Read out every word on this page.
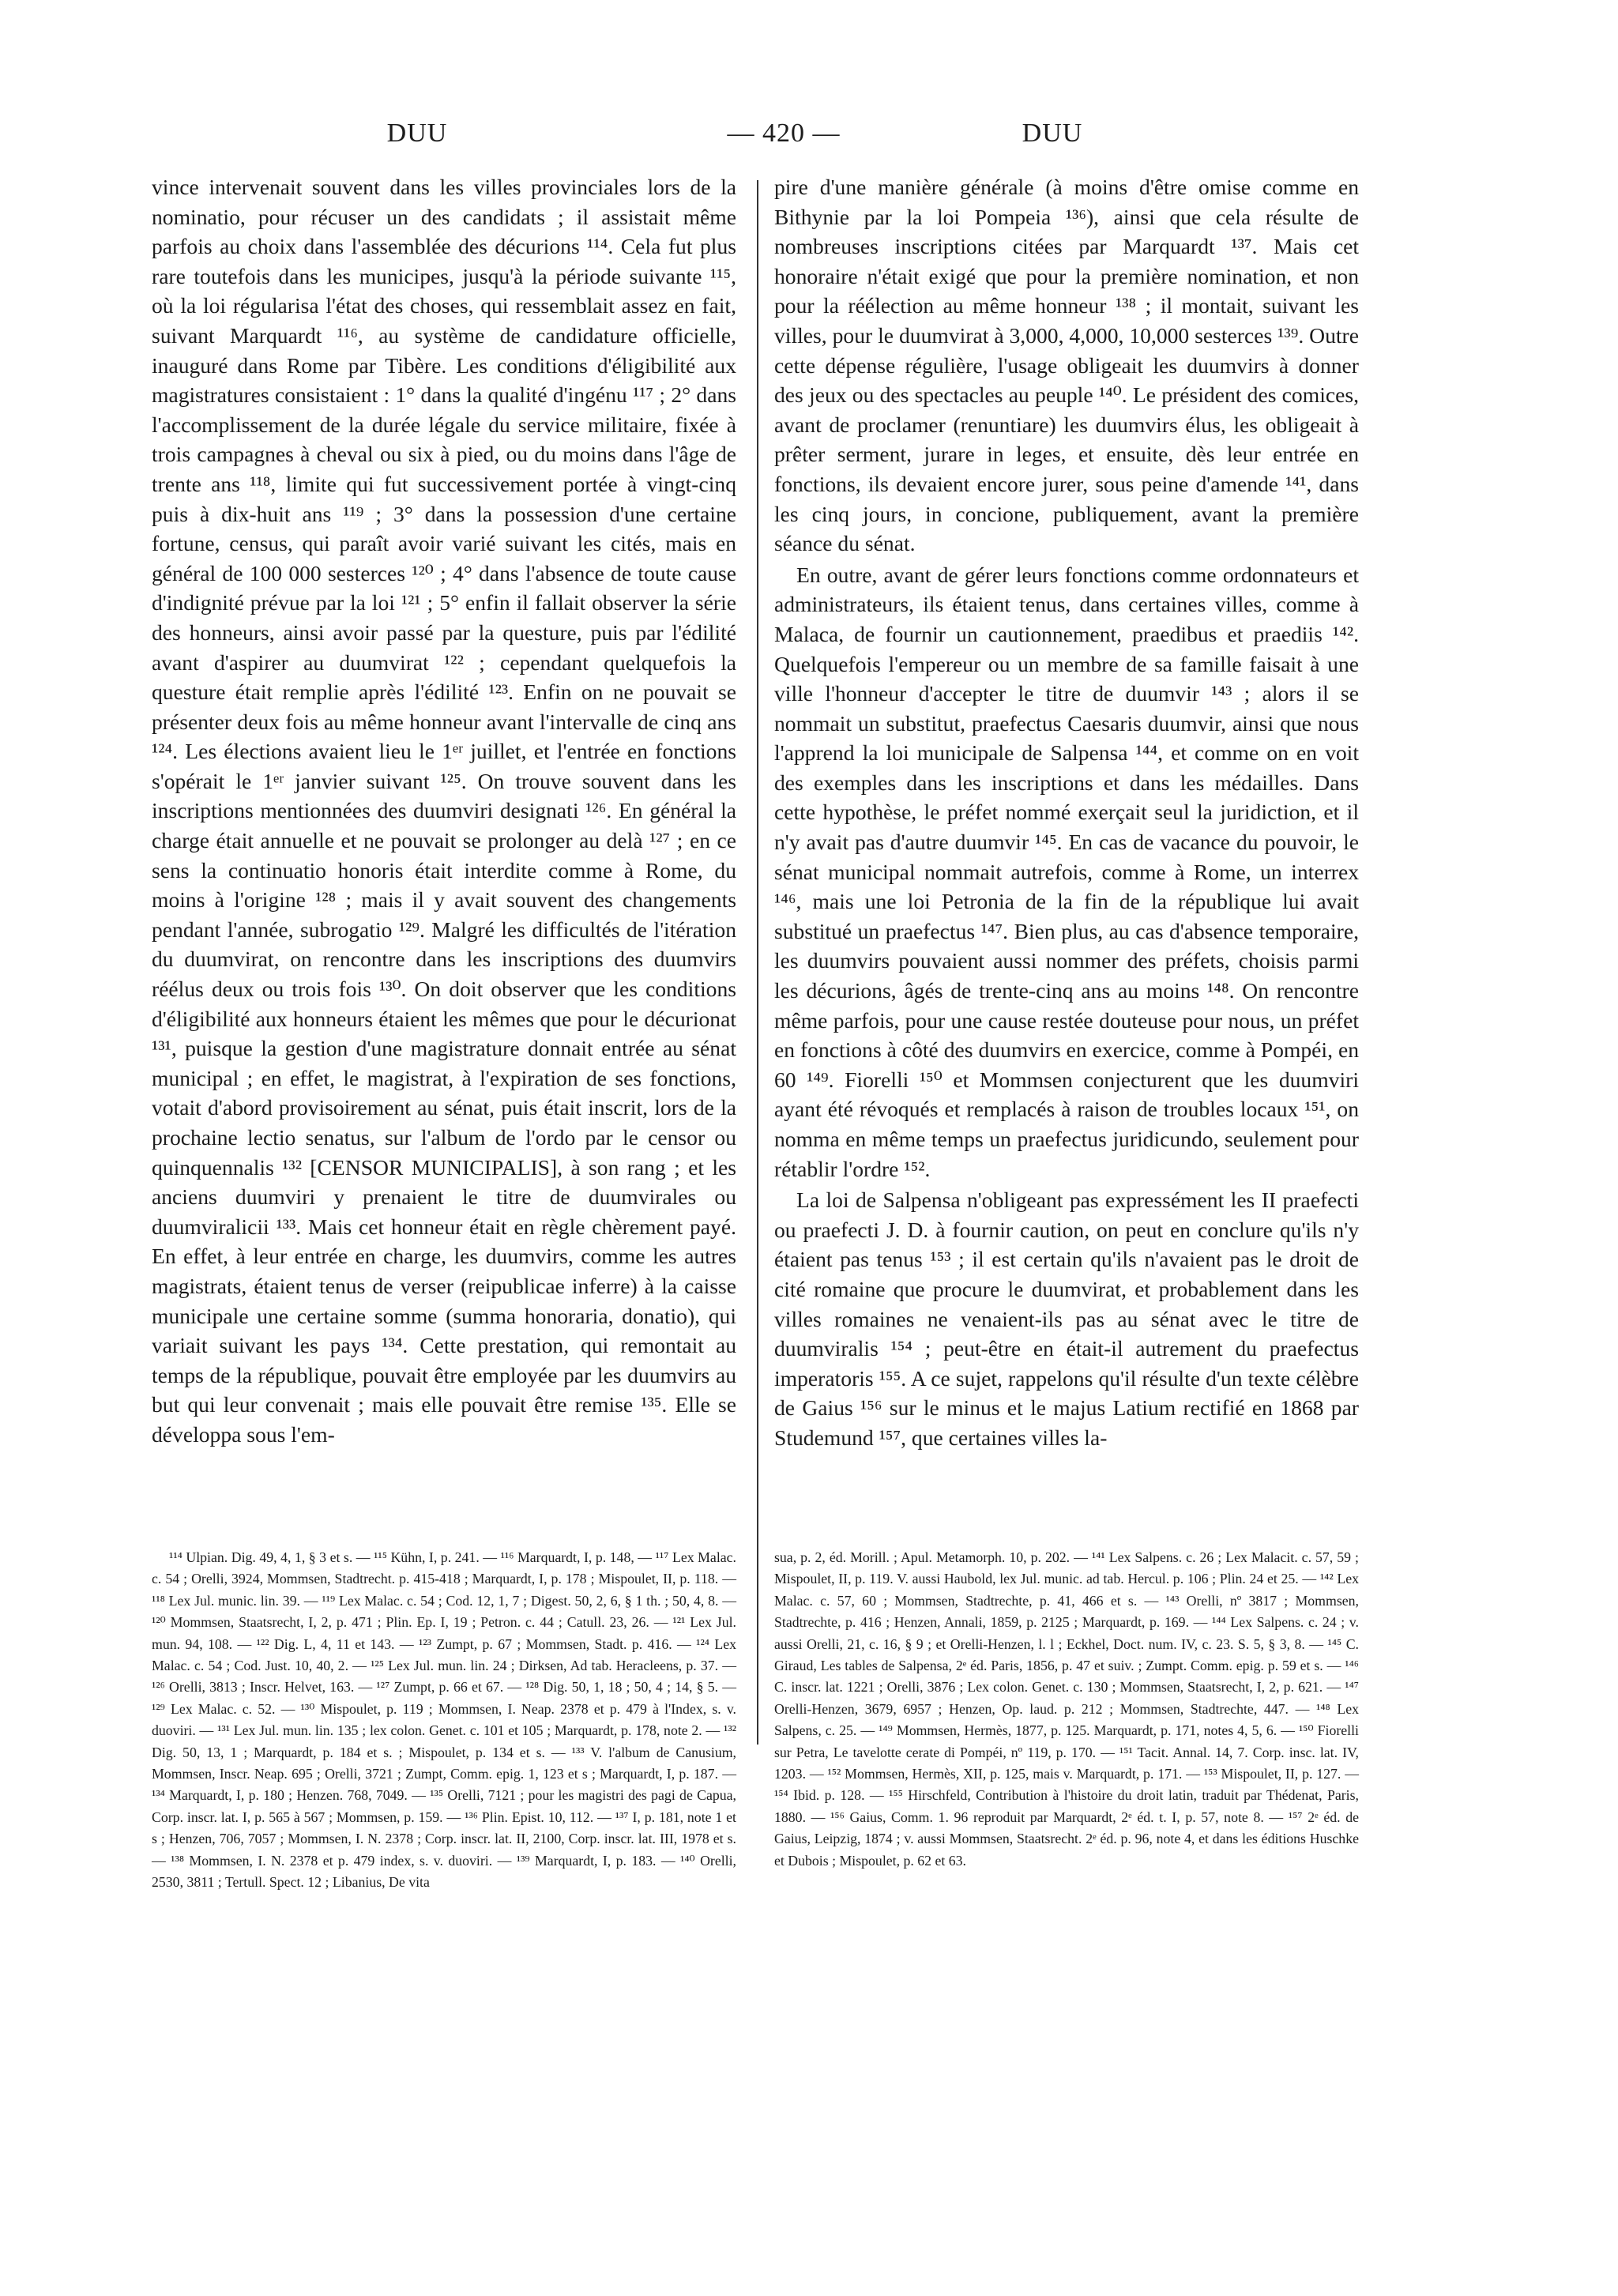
DUU	— 420 —	DUU

vince intervenait souvent dans les villes provinciales lors de la nominatio, pour récuser un des candidats ; il assistait même parfois au choix dans l'assemblée des décurions ¹¹⁴. Cela fut plus rare toutefois dans les municipes, jusqu'à la période suivante ¹¹⁵, où la loi régularisa l'état des choses, qui ressemblait assez en fait, suivant Marquardt ¹¹⁶, au système de candidature officielle, inauguré dans Rome par Tibère. Les conditions d'éligibilité aux magistratures consistaient : 1° dans la qualité d'ingénu ¹¹⁷ ; 2° dans l'accomplissement de la durée légale du service militaire, fixée à trois campagnes à cheval ou six à pied, ou du moins dans l'âge de trente ans ¹¹⁸, limite qui fut successivement portée à vingt-cinq puis à dix-huit ans ¹¹⁹ ; 3° dans la possession d'une certaine fortune, census, qui paraît avoir varié suivant les cités, mais en général de 100 000 sesterces ¹²⁰ ; 4° dans l'absence de toute cause d'indignité prévue par la loi ¹²¹ ; 5° enfin il fallait observer la série des honneurs, ainsi avoir passé par la questure, puis par l'édilité avant d'aspirer au duumvirat ¹²² ; cependant quelquefois la questure était remplie après l'édilité ¹²³. Enfin on ne pouvait se présenter deux fois au même honneur avant l'intervalle de cinq ans ¹²⁴. Les élections avaient lieu le 1ᵉʳ juillet, et l'entrée en fonctions s'opérait le 1ᵉʳ janvier suivant ¹²⁵. On trouve souvent dans les inscriptions mentionnées des duumviri designati ¹²⁶. En général la charge était annuelle et ne pouvait se prolonger au delà ¹²⁷ ; en ce sens la continuatio honoris était interdite comme à Rome, du moins à l'origine ¹²⁸ ; mais il y avait souvent des changements pendant l'année, subrogatio ¹²⁹. Malgré les difficultés de l'itération du duumvirat, on rencontre dans les inscriptions des duumvirs réélus deux ou trois fois ¹³⁰. On doit observer que les conditions d'éligibilité aux honneurs étaient les mêmes que pour le décurionat ¹³¹, puisque la gestion d'une magistrature donnait entrée au sénat municipal ; en effet, le magistrat, à l'expiration de ses fonctions, votait d'abord provisoirement au sénat, puis était inscrit, lors de la prochaine lectio senatus, sur l'album de l'ordo par le censor ou quinquennalis ¹³² [CENSOR MUNICIPALIS], à son rang ; et les anciens duumviri y prenaient le titre de duumvirales ou duumviralicii ¹³³. Mais cet honneur était en règle chèrement payé. En effet, à leur entrée en charge, les duumvirs, comme les autres magistrats, étaient tenus de verser (reipublicae inferre) à la caisse municipale une certaine somme (summa honoraria, donatio), qui variait suivant les pays ¹³⁴. Cette prestation, qui remontait au temps de la république, pouvait être employée par les duumvirs au but qui leur convenait ; mais elle pouvait être remise ¹³⁵. Elle se développa sous l'em-

pire d'une manière générale (à moins d'être omise comme en Bithynie par la loi Pompeia ¹³⁶), ainsi que cela résulte de nombreuses inscriptions citées par Marquardt ¹³⁷. Mais cet honoraire n'était exigé que pour la première nomination, et non pour la réélection au même honneur ¹³⁸ ; il montait, suivant les villes, pour le duumvirat à 3,000, 4,000, 10,000 sesterces ¹³⁹. Outre cette dépense régulière, l'usage obligeait les duumvirs à donner des jeux ou des spectacles au peuple ¹⁴⁰. Le président des comices, avant de proclamer (renuntiare) les duumvirs élus, les obligeait à prêter serment, jurare in leges, et ensuite, dès leur entrée en fonctions, ils devaient encore jurer, sous peine d'amende ¹⁴¹, dans les cinq jours, in concione, publiquement, avant la première séance du sénat.

En outre, avant de gérer leurs fonctions comme ordonnateurs et administrateurs, ils étaient tenus, dans certaines villes, comme à Malaca, de fournir un cautionnement, praedibus et praediis ¹⁴². Quelquefois l'empereur ou un membre de sa famille faisait à une ville l'honneur d'accepter le titre de duumvir ¹⁴³ ; alors il se nommait un substitut, praefectus Caesaris duumvir, ainsi que nous l'apprend la loi municipale de Salpensa ¹⁴⁴, et comme on en voit des exemples dans les inscriptions et dans les médailles. Dans cette hypothèse, le préfet nommé exerçait seul la juridiction, et il n'y avait pas d'autre duumvir ¹⁴⁵. En cas de vacance du pouvoir, le sénat municipal nommait autrefois, comme à Rome, un interrex ¹⁴⁶, mais une loi Petronia de la fin de la république lui avait substitué un praefectus ¹⁴⁷. Bien plus, au cas d'absence temporaire, les duumvirs pouvaient aussi nommer des préfets, choisis parmi les décurions, âgés de trente-cinq ans au moins ¹⁴⁸. On rencontre même parfois, pour une cause restée douteuse pour nous, un préfet en fonctions à côté des duumvirs en exercice, comme à Pompéi, en 60 ¹⁴⁹. Fiorelli ¹⁵⁰ et Mommsen conjecturent que les duumviri ayant été révoqués et remplacés à raison de troubles locaux ¹⁵¹, on nomma en même temps un praefectus juridicundo, seulement pour rétablir l'ordre ¹⁵².

La loi de Salpensa n'obligeant pas expressément les II praefecti ou praefecti J. D. à fournir caution, on peut en conclure qu'ils n'y étaient pas tenus ¹⁵³ ; il est certain qu'ils n'avaient pas le droit de cité romaine que procure le duumvirat, et probablement dans les villes romaines ne venaient-ils pas au sénat avec le titre de duumviralis ¹⁵⁴ ; peut-être en était-il autrement du praefectus imperatoris ¹⁵⁵. A ce sujet, rappelons qu'il résulte d'un texte célèbre de Gaius ¹⁵⁶ sur le minus et le majus Latium rectifié en 1868 par Studemund ¹⁵⁷, que certaines villes la-

¹¹⁴ Ulpian. Dig. 49, 4, 1, § 3 et s. — ¹¹⁵ Kühn, I, p. 241. — ¹¹⁶ Marquardt, I, p. 148, — ¹¹⁷ Lex Malac. c. 54 ; Orelli, 3924, Mommsen, Stadtrecht. p. 415-418 ; Marquardt, I, p. 178 ; Mispoulet, II, p. 118. — ¹¹⁸ Lex Jul. munic. lin. 39. — ¹¹⁹ Lex Malac. c. 54 ; Cod. 12, 1, 7 ; Digest. 50, 2, 6, § 1 th. ; 50, 4, 8. — ¹²⁰ Mommsen, Staatsrecht, I, 2, p. 471 ; Plin. Ep. I, 19 ; Petron. c. 44 ; Catull. 23, 26. — ¹²¹ Lex Jul. mun. 94, 108. — ¹²² Dig. L, 4, 11 et 143. — ¹²³ Zumpt, p. 67 ; Mommsen, Stadt. p. 416. — ¹²⁴ Lex Malac. c. 54 ; Cod. Just. 10, 40, 2. — ¹²⁵ Lex Jul. mun. lin. 24 ; Dirksen, Ad tab. Heracleens, p. 37. — ¹²⁶ Orelli, 3813 ; Inscr. Helvet, 163. — ¹²⁷ Zumpt, p. 66 et 67. — ¹²⁸ Dig. 50, 1, 18 ; 50, 4 ; 14, § 5. — ¹²⁹ Lex Malac. c. 52. — ¹³⁰ Mispoulet, p. 119 ; Mommsen, I. Neap. 2378 et p. 479 à l'Index, s. v. duoviri. — ¹³¹ Lex Jul. mun. lin. 135 ; lex colon. Genet. c. 101 et 105 ; Marquardt, p. 178, note 2. — ¹³² Dig. 50, 13, 1 ; Marquardt, p. 184 et s. ; Mispoulet, p. 134 et s. — ¹³³ V. l'album de Canusium, Mommsen, Inscr. Neap. 695 ; Orelli, 3721 ; Zumpt, Comm. epig. 1, 123 et s ; Marquardt, I, p. 187. — ¹³⁴ Marquardt, I, p. 180 ; Henzen. 768, 7049. — ¹³⁵ Orelli, 7121 ; pour les magistri des pagi de Capua, Corp. inscr. lat. I, p. 565 à 567 ; Mommsen, p. 159. — ¹³⁶ Plin. Epist. 10, 112. — ¹³⁷ I, p. 181, note 1 et s ; Henzen, 706, 7057 ; Mommsen, I. N. 2378 ; Corp. inscr. lat. II, 2100, Corp. inscr. lat. III, 1978 et s. — ¹³⁸ Mommsen, I. N. 2378 et p. 479 index, s. v. duoviri. — ¹³⁹ Marquardt, I, p. 183. — ¹⁴⁰ Orelli, 2530, 3811 ; Tertull. Spect. 12 ; Libanius, De vita

sua, p. 2, éd. Morill. ; Apul. Metamorph. 10, p. 202. — ¹⁴¹ Lex Salpens. c. 26 ; Lex Malacit. c. 57, 59 ; Mispoulet, II, p. 119. V. aussi Haubold, lex Jul. munic. ad tab. Hercul. p. 106 ; Plin. 24 et 25. — ¹⁴² Lex Malac. c. 57, 60 ; Mommsen, Stadtrechte, p. 41, 466 et s. — ¹⁴³ Orelli, nº 3817 ; Mommsen, Stadtrechte, p. 416 ; Henzen, Annali, 1859, p. 2125 ; Marquardt, p. 169. — ¹⁴⁴ Lex Salpens. c. 24 ; v. aussi Orelli, 21, c. 16, § 9 ; et Orelli-Henzen, l. l ; Eckhel, Doct. num. IV, c. 23. S. 5, § 3, 8. — ¹⁴⁵ C. Giraud, Les tables de Salpensa, 2ᵉ éd. Paris, 1856, p. 47 et suiv. ; Zumpt. Comm. epig. p. 59 et s. — ¹⁴⁶ C. inscr. lat. 1221 ; Orelli, 3876 ; Lex colon. Genet. c. 130 ; Mommsen, Staatsrecht, I, 2, p. 621. — ¹⁴⁷ Orelli-Henzen, 3679, 6957 ; Henzen, Op. laud. p. 212 ; Mommsen, Stadtrechte, 447. — ¹⁴⁸ Lex Salpens, c. 25. — ¹⁴⁹ Mommsen, Hermès, 1877, p. 125. Marquardt, p. 171, notes 4, 5, 6. — ¹⁵⁰ Fiorelli sur Petra, Le tavelotte cerate di Pompéi, nº 119, p. 170. — ¹⁵¹ Tacit. Annal. 14, 7. Corp. insc. lat. IV, 1203. — ¹⁵² Mommsen, Hermès, XII, p. 125, mais v. Marquardt, p. 171. — ¹⁵³ Mispoulet, II, p. 127. — ¹⁵⁴ Ibid. p. 128. — ¹⁵⁵ Hirschfeld, Contribution à l'histoire du droit latin, traduit par Thédenat, Paris, 1880. — ¹⁵⁶ Gaius, Comm. 1. 96 reproduit par Marquardt, 2ᵉ éd. t. I, p. 57, note 8. — ¹⁵⁷ 2ᵉ éd. de Gaius, Leipzig, 1874 ; v. aussi Mommsen, Staatsrecht. 2ᵉ éd. p. 96, note 4, et dans les éditions Huschke et Dubois ; Mispoulet, p. 62 et 63.
